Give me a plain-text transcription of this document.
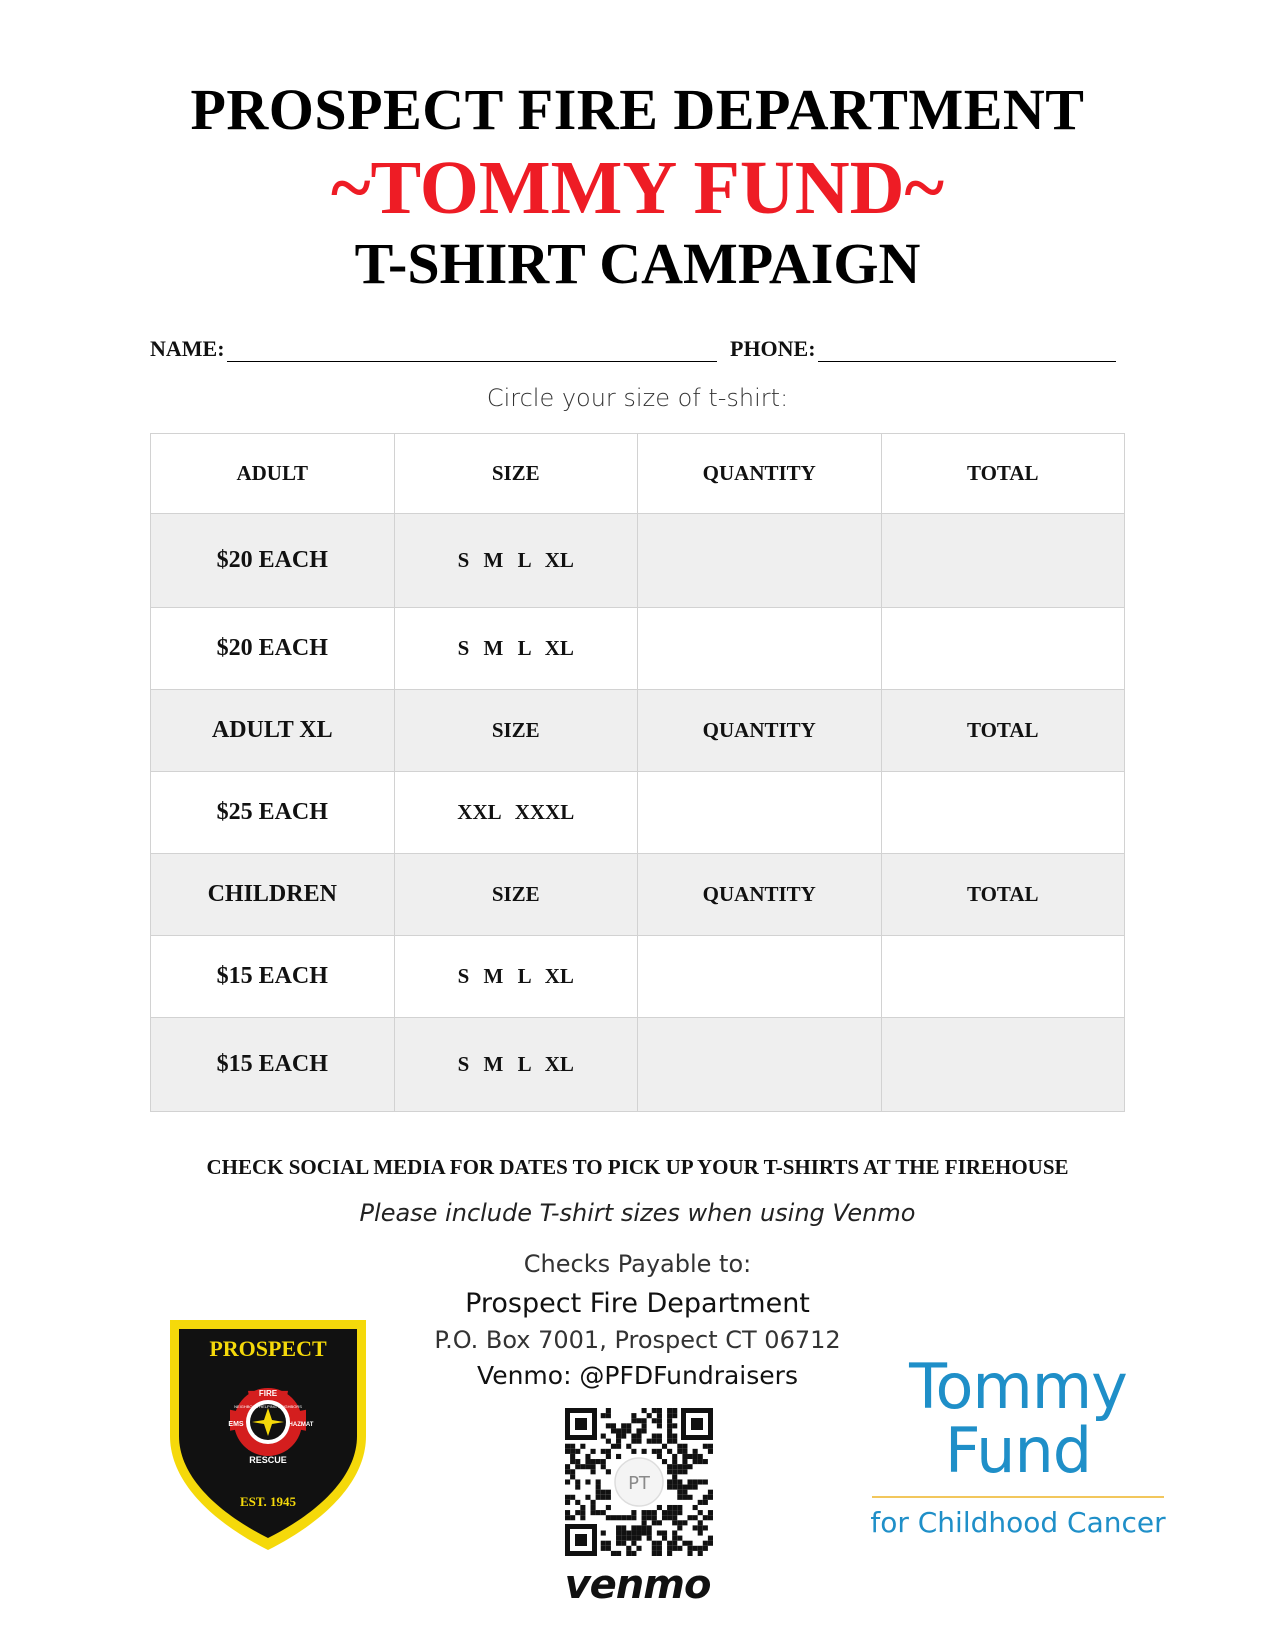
PROSPECT FIRE DEPARTMENT
~TOMMY FUND~
T-SHIRT CAMPAIGN
NAME:	PHONE:
Circle your size of t-shirt:
ADULT	SIZE	QUANTITY	TOTAL
$20 EACH	S M L XL		
$20 EACH	S M L XL		
ADULT XL	SIZE	QUANTITY	TOTAL
$25 EACH	XXL XXXL		
CHILDREN	SIZE	QUANTITY	TOTAL
$15 EACH	S M L XL		
$15 EACH	S M L XL		
CHECK SOCIAL MEDIA FOR DATES TO PICK UP YOUR T-SHIRTS AT THE FIREHOUSE
Please include T-shirt sizes when using Venmo
Checks Payable to:
Prospect Fire Department
P.O. Box 7001, Prospect CT 06712
Venmo: @PFDFundraisers
PROSPECT
FIRE
RESCUE
EMS	HAZMAT
NEIGHBORS HELPING NEIGHBORS
EST. 1945
PT
venmo
Tommy
Fund
for Childhood Cancer
